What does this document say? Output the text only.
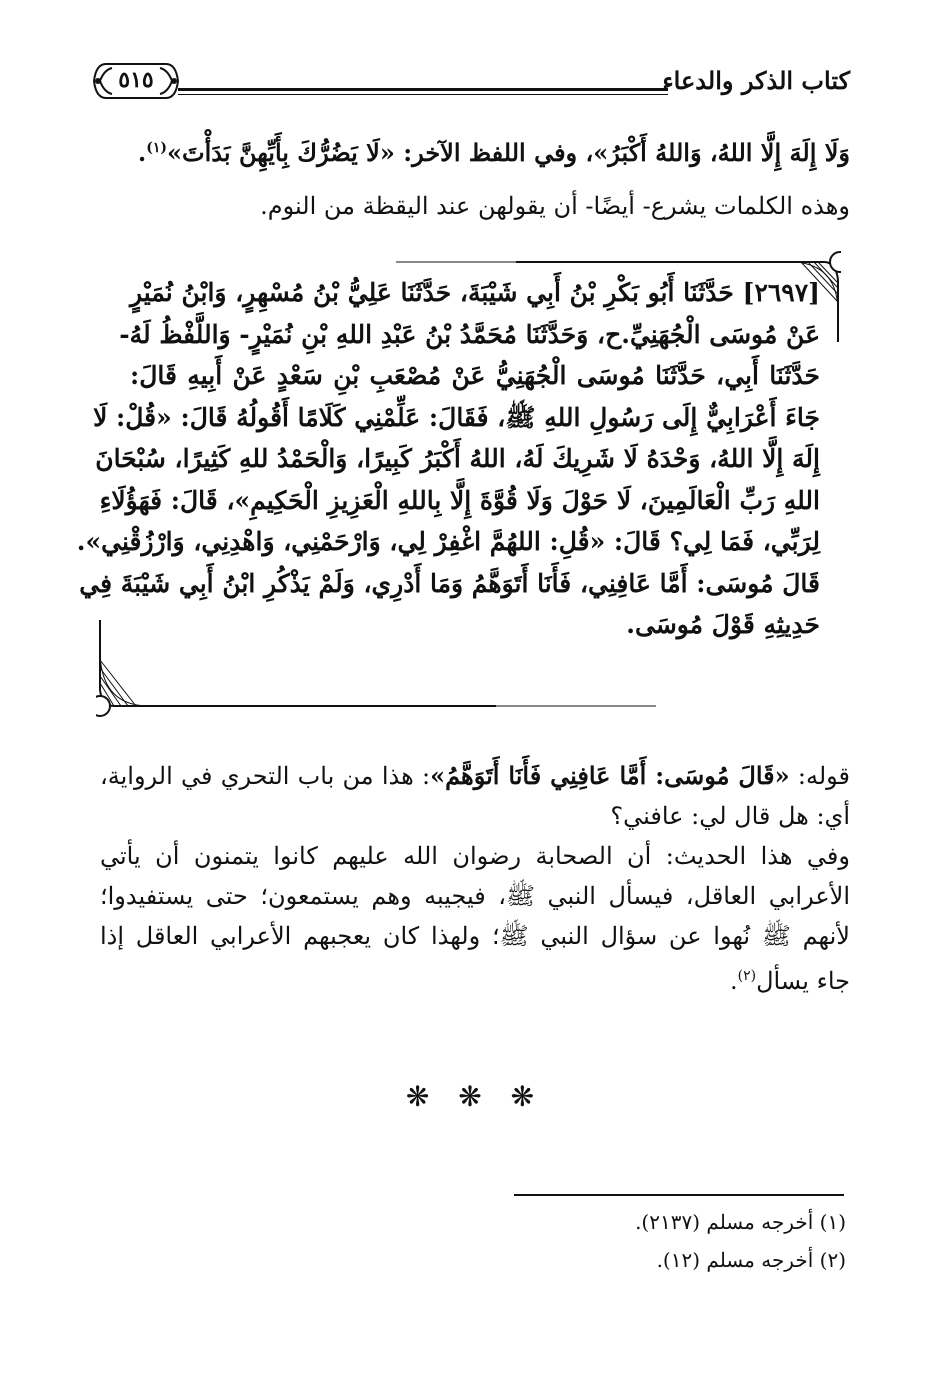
كتاب الذكر والدعاء
٥١٥
وَلَا إِلَهَ إِلَّا اللهُ، وَاللهُ أَكْبَرُ»، وفي اللفظ الآخر: «لَا يَضُرُّكَ بِأَيِّهِنَّ بَدَأْتَ»$^{(١)}$.
وهذه الكلمات يشرع- أيضًا- أن يقولهن عند اليقظة من النوم.
[٢٦٩٧] حَدَّثَنَا أَبُو بَكْرِ بْنُ أَبِي شَيْبَةَ، حَدَّثَنَا عَلِيُّ بْنُ مُسْهِرٍ، وَابْنُ نُمَيْرٍ
عَنْ مُوسَى الْجُهَنِيِّ.ح، وَحَدَّثَنَا مُحَمَّدُ بْنُ عَبْدِ اللهِ بْنِ نُمَيْرٍ- وَاللَّفْظُ لَهُ-
حَدَّثَنَا أَبِي، حَدَّثَنَا مُوسَى الْجُهَنِيُّ عَنْ مُصْعَبِ بْنِ سَعْدٍ عَنْ أَبِيهِ قَالَ:
جَاءَ أَعْرَابِيٌّ إِلَى رَسُولِ اللهِ ﷺ، فَقَالَ: عَلِّمْنِي كَلَامًا أَقُولُهُ قَالَ: «قُلْ: لَا
إِلَهَ إِلَّا اللهُ، وَحْدَهُ لَا شَرِيكَ لَهُ، اللهُ أَكْبَرُ كَبِيرًا، وَالْحَمْدُ للهِ كَثِيرًا، سُبْحَانَ
اللهِ رَبِّ الْعَالَمِينَ، لَا حَوْلَ وَلَا قُوَّةَ إِلَّا بِاللهِ الْعَزِيزِ الْحَكِيمِ»، قَالَ: فَهَؤُلَاءِ
لِرَبِّي، فَمَا لِي؟ قَالَ: «قُلِ: اللهُمَّ اغْفِرْ لِي، وَارْحَمْنِي، وَاهْدِنِي، وَارْزُقْنِي».
قَالَ مُوسَى: أَمَّا عَافِنِي، فَأَنَا أَتَوَهَّمُ وَمَا أَدْرِي، وَلَمْ يَذْكُرِ ابْنُ أَبِي شَيْبَةَ فِي
حَدِيثِهِ قَوْلَ مُوسَى.
قوله: «قَالَ مُوسَى: أَمَّا عَافِنِي فَأَنَا أَتَوَهَّمُ»: هذا من باب التحري في الرواية،
أي: هل قال لي: عافني؟
وفي هذا الحديث: أن الصحابة رضوان الله عليهم كانوا يتمنون أن يأتي
الأعرابي العاقل، فيسأل النبي ﷺ، فيجيبه وهم يستمعون؛ حتى يستفيدوا؛
لأنهم ﷺ نُهوا عن سؤال النبي ﷺ؛ ولهذا كان يعجبهم الأعرابي العاقل إذا
جاء يسأل$^{(٢)}$.
❋ ❋ ❋
(١) أخرجه مسلم (٢١٣٧).
(٢) أخرجه مسلم (١٢).
